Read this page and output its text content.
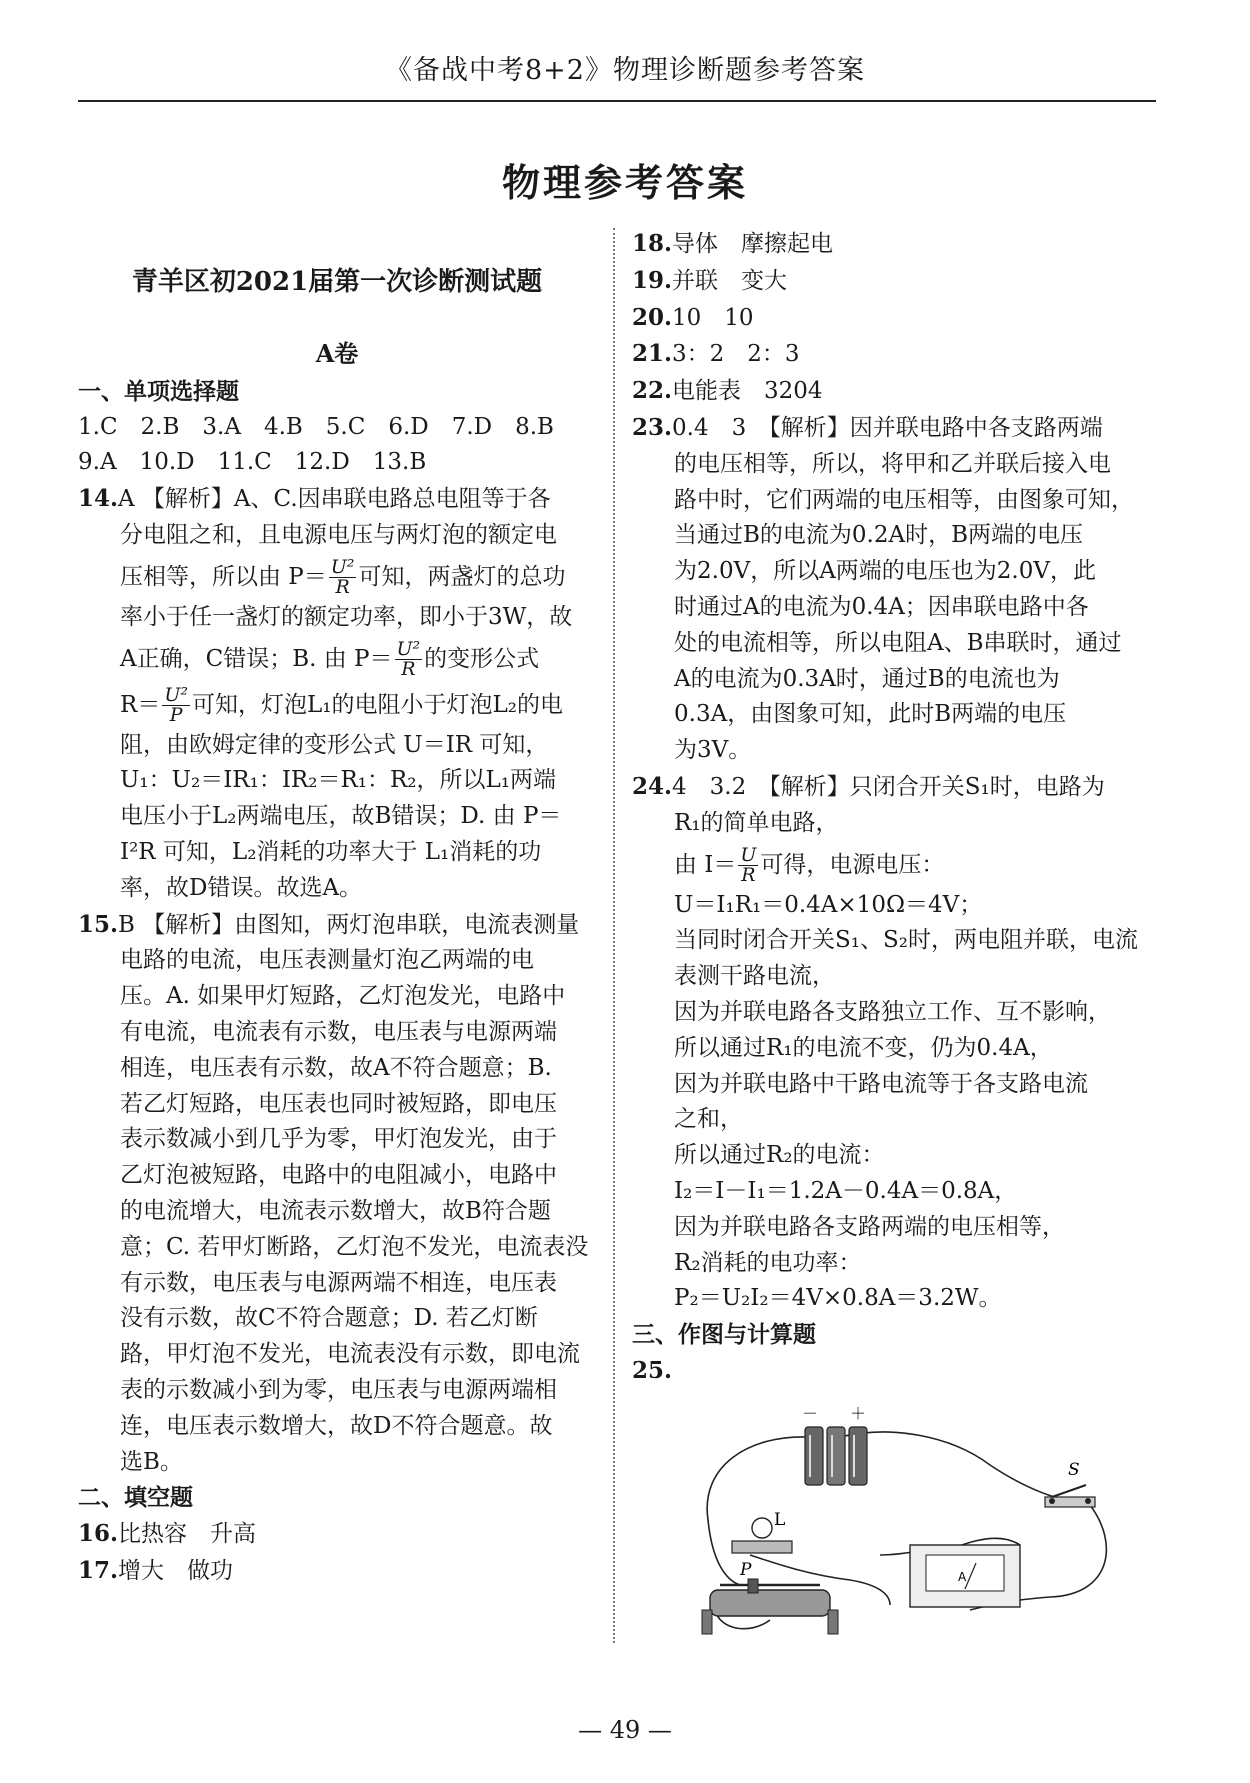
《备战中考8+2》物理诊断题参考答案
物理参考答案
青羊区初2021届第一次诊断测试题
A卷
一、单项选择题
1.C　2.B　3.A　4.B　5.C　6.D　7.D　8.B
9.A　10.D　11.C　12.D　13.B
14.A 【解析】A、C.因串联电路总电阻等于各
分电阻之和，且电源电压与两灯泡的额定电
压相等，所以由 $P= \frac{\text{U²}}{R}$ 可知，两盏灯的总功
率小于任一盏灯的额定功率，即小于3W，故
A正确，C错误；B. 由 $P= \frac{\text{U²}}{R}$ 的变形公式
$R= \frac{\text{U²}}{P}$ 可知，灯泡L₁的电阻小于灯泡L₂的电
阻，由欧姆定律的变形公式 U＝IR 可知，
U₁：U₂＝IR₁：IR₂＝R₁：R₂，所以L₁两端
电压小于L₂两端电压，故B错误；D. 由 P＝
I²R 可知，L₂消耗的功率大于 L₁消耗的功
率，故D错误。故选A。
15.B 【解析】由图知，两灯泡串联，电流表测量
电路的电流，电压表测量灯泡乙两端的电
压。A. 如果甲灯短路，乙灯泡发光，电路中
有电流，电流表有示数，电压表与电源两端
相连，电压表有示数，故A不符合题意；B.
若乙灯短路，电压表也同时被短路，即电压
表示数减小到几乎为零，甲灯泡发光，由于
乙灯泡被短路，电路中的电阻减小，电路中
的电流增大，电流表示数增大，故B符合题
意；C. 若甲灯断路，乙灯泡不发光，电流表没
有示数，电压表与电源两端不相连，电压表
没有示数，故C不符合题意；D. 若乙灯断
路，甲灯泡不发光，电流表没有示数，即电流
表的示数减小到为零，电压表与电源两端相
连，电压表示数增大，故D不符合题意。故
选B。
二、填空题
16.比热容　升高
17.增大　做功
18.导体　摩擦起电
19.并联　变大
20.10　10
21.3：2　2：3
22.电能表　3204
23.0.4　3　【解析】因并联电路中各支路两端
的电压相等，所以，将甲和乙并联后接入电
路中时，它们两端的电压相等，由图象可知，
当通过B的电流为0.2A时，B两端的电压
为2.0V，所以A两端的电压也为2.0V，此
时通过A的电流为0.4A；因串联电路中各
处的电流相等，所以电阻A、B串联时，通过
A的电流为0.3A时，通过B的电流也为
0.3A，由图象可知，此时B两端的电压
为3V。
24.4　3.2　【解析】只闭合开关S₁时，电路为
R₁的简单电路，
由 $I= \frac{U}{R}$ 可得，电源电压：
U＝I₁R₁＝0.4A×10Ω＝4V；
当同时闭合开关S₁、S₂时，两电阻并联，电流
表测干路电流，
因为并联电路各支路独立工作、互不影响，
所以通过R₁的电流不变，仍为0.4A，
因为并联电路中干路电流等于各支路电流
之和，
所以通过R₂的电流：
I₂＝I－I₁＝1.2A－0.4A＝0.8A，
因为并联电路各支路两端的电压相等，
R₂消耗的电功率：
P₂＝U₂I₂＝4V×0.8A＝3.2W。
三、作图与计算题
25.
－ ＋
S
L
A
P
— 49 —
